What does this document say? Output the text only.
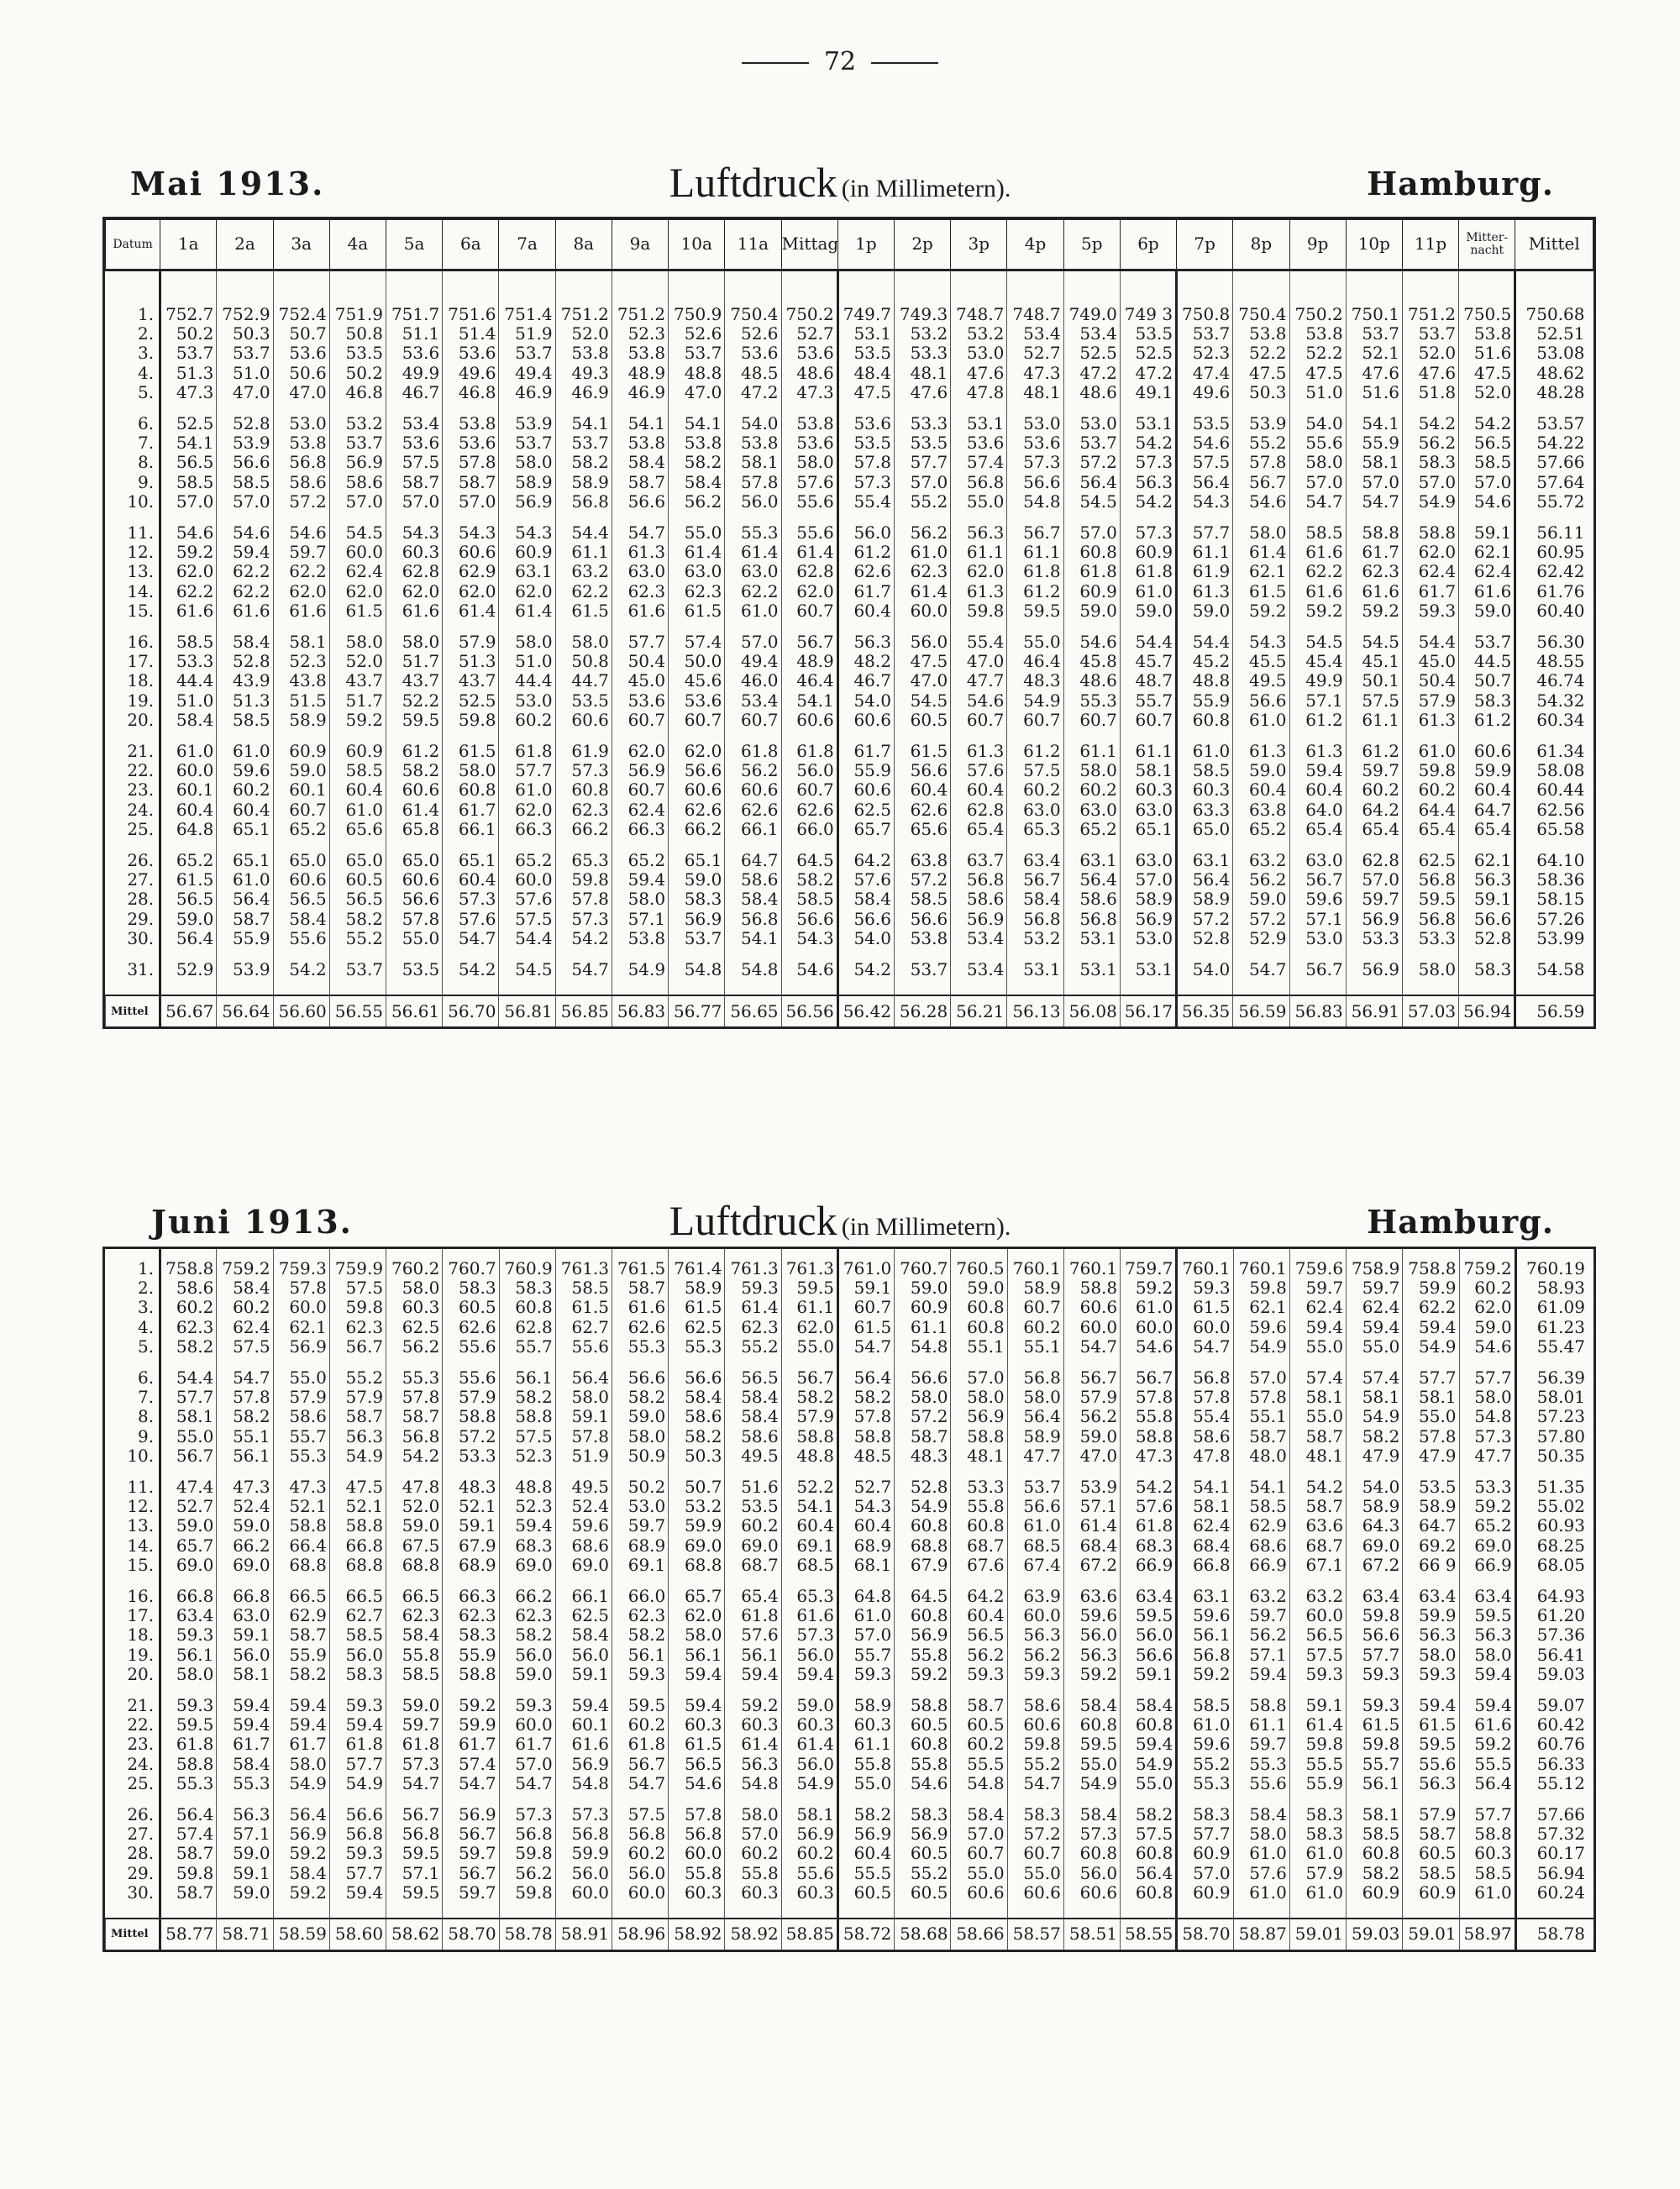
72
Mai 1913.	Luftdruck (in Millimetern).	Hamburg.
Datum	1a	2a	3a	4a	5a	6a	7a	8a	9a	10a	11a	Mittag	1p	2p	3p	4p	5p	6p	7p	8p	9p	10p	11p	Mitter-nacht	Mittel

1.	752.7	752.9	752.4	751.9	751.7	751.6	751.4	751.2	751.2	750.9	750.4	750.2	749.7	749.3	748.7	748.7	749.0	749 3	750.8	750.4	750.2	750.1	751.2	750.5	750.68
2.	50.2	50.3	50.7	50.8	51.1	51.4	51.9	52.0	52.3	52.6	52.6	52.7	53.1	53.2	53.2	53.4	53.4	53.5	53.7	53.8	53.8	53.7	53.7	53.8	52.51
3.	53.7	53.7	53.6	53.5	53.6	53.6	53.7	53.8	53.8	53.7	53.6	53.6	53.5	53.3	53.0	52.7	52.5	52.5	52.3	52.2	52.2	52.1	52.0	51.6	53.08
4.	51.3	51.0	50.6	50.2	49.9	49.6	49.4	49.3	48.9	48.8	48.5	48.6	48.4	48.1	47.6	47.3	47.2	47.2	47.4	47.5	47.5	47.6	47.6	47.5	48.62
5.	47.3	47.0	47.0	46.8	46.7	46.8	46.9	46.9	46.9	47.0	47.2	47.3	47.5	47.6	47.8	48.1	48.6	49.1	49.6	50.3	51.0	51.6	51.8	52.0	48.28

6.	52.5	52.8	53.0	53.2	53.4	53.8	53.9	54.1	54.1	54.1	54.0	53.8	53.6	53.3	53.1	53.0	53.0	53.1	53.5	53.9	54.0	54.1	54.2	54.2	53.57
7.	54.1	53.9	53.8	53.7	53.6	53.6	53.7	53.7	53.8	53.8	53.8	53.6	53.5	53.5	53.6	53.6	53.7	54.2	54.6	55.2	55.6	55.9	56.2	56.5	54.22
8.	56.5	56.6	56.8	56.9	57.5	57.8	58.0	58.2	58.4	58.2	58.1	58.0	57.8	57.7	57.4	57.3	57.2	57.3	57.5	57.8	58.0	58.1	58.3	58.5	57.66
9.	58.5	58.5	58.6	58.6	58.7	58.7	58.9	58.9	58.7	58.4	57.8	57.6	57.3	57.0	56.8	56.6	56.4	56.3	56.4	56.7	57.0	57.0	57.0	57.0	57.64
10.	57.0	57.0	57.2	57.0	57.0	57.0	56.9	56.8	56.6	56.2	56.0	55.6	55.4	55.2	55.0	54.8	54.5	54.2	54.3	54.6	54.7	54.7	54.9	54.6	55.72

11.	54.6	54.6	54.6	54.5	54.3	54.3	54.3	54.4	54.7	55.0	55.3	55.6	56.0	56.2	56.3	56.7	57.0	57.3	57.7	58.0	58.5	58.8	58.8	59.1	56.11
12.	59.2	59.4	59.7	60.0	60.3	60.6	60.9	61.1	61.3	61.4	61.4	61.4	61.2	61.0	61.1	61.1	60.8	60.9	61.1	61.4	61.6	61.7	62.0	62.1	60.95
13.	62.0	62.2	62.2	62.4	62.8	62.9	63.1	63.2	63.0	63.0	63.0	62.8	62.6	62.3	62.0	61.8	61.8	61.8	61.9	62.1	62.2	62.3	62.4	62.4	62.42
14.	62.2	62.2	62.0	62.0	62.0	62.0	62.0	62.2	62.3	62.3	62.2	62.0	61.7	61.4	61.3	61.2	60.9	61.0	61.3	61.5	61.6	61.6	61.7	61.6	61.76
15.	61.6	61.6	61.6	61.5	61.6	61.4	61.4	61.5	61.6	61.5	61.0	60.7	60.4	60.0	59.8	59.5	59.0	59.0	59.0	59.2	59.2	59.2	59.3	59.0	60.40

16.	58.5	58.4	58.1	58.0	58.0	57.9	58.0	58.0	57.7	57.4	57.0	56.7	56.3	56.0	55.4	55.0	54.6	54.4	54.4	54.3	54.5	54.5	54.4	53.7	56.30
17.	53.3	52.8	52.3	52.0	51.7	51.3	51.0	50.8	50.4	50.0	49.4	48.9	48.2	47.5	47.0	46.4	45.8	45.7	45.2	45.5	45.4	45.1	45.0	44.5	48.55
18.	44.4	43.9	43.8	43.7	43.7	43.7	44.4	44.7	45.0	45.6	46.0	46.4	46.7	47.0	47.7	48.3	48.6	48.7	48.8	49.5	49.9	50.1	50.4	50.7	46.74
19.	51.0	51.3	51.5	51.7	52.2	52.5	53.0	53.5	53.6	53.6	53.4	54.1	54.0	54.5	54.6	54.9	55.3	55.7	55.9	56.6	57.1	57.5	57.9	58.3	54.32
20.	58.4	58.5	58.9	59.2	59.5	59.8	60.2	60.6	60.7	60.7	60.7	60.6	60.6	60.5	60.7	60.7	60.7	60.7	60.8	61.0	61.2	61.1	61.3	61.2	60.34

21.	61.0	61.0	60.9	60.9	61.2	61.5	61.8	61.9	62.0	62.0	61.8	61.8	61.7	61.5	61.3	61.2	61.1	61.1	61.0	61.3	61.3	61.2	61.0	60.6	61.34
22.	60.0	59.6	59.0	58.5	58.2	58.0	57.7	57.3	56.9	56.6	56.2	56.0	55.9	56.6	57.6	57.5	58.0	58.1	58.5	59.0	59.4	59.7	59.8	59.9	58.08
23.	60.1	60.2	60.1	60.4	60.6	60.8	61.0	60.8	60.7	60.6	60.6	60.7	60.6	60.4	60.4	60.2	60.2	60.3	60.3	60.4	60.4	60.2	60.2	60.4	60.44
24.	60.4	60.4	60.7	61.0	61.4	61.7	62.0	62.3	62.4	62.6	62.6	62.6	62.5	62.6	62.8	63.0	63.0	63.0	63.3	63.8	64.0	64.2	64.4	64.7	62.56
25.	64.8	65.1	65.2	65.6	65.8	66.1	66.3	66.2	66.3	66.2	66.1	66.0	65.7	65.6	65.4	65.3	65.2	65.1	65.0	65.2	65.4	65.4	65.4	65.4	65.58

26.	65.2	65.1	65.0	65.0	65.0	65.1	65.2	65.3	65.2	65.1	64.7	64.5	64.2	63.8	63.7	63.4	63.1	63.0	63.1	63.2	63.0	62.8	62.5	62.1	64.10
27.	61.5	61.0	60.6	60.5	60.6	60.4	60.0	59.8	59.4	59.0	58.6	58.2	57.6	57.2	56.8	56.7	56.4	57.0	56.4	56.2	56.7	57.0	56.8	56.3	58.36
28.	56.5	56.4	56.5	56.5	56.6	57.3	57.6	57.8	58.0	58.3	58.4	58.5	58.4	58.5	58.6	58.4	58.6	58.9	58.9	59.0	59.6	59.7	59.5	59.1	58.15
29.	59.0	58.7	58.4	58.2	57.8	57.6	57.5	57.3	57.1	56.9	56.8	56.6	56.6	56.6	56.9	56.8	56.8	56.9	57.2	57.2	57.1	56.9	56.8	56.6	57.26
30.	56.4	55.9	55.6	55.2	55.0	54.7	54.4	54.2	53.8	53.7	54.1	54.3	54.0	53.8	53.4	53.2	53.1	53.0	52.8	52.9	53.0	53.3	53.3	52.8	53.99

31.	52.9	53.9	54.2	53.7	53.5	54.2	54.5	54.7	54.9	54.8	54.8	54.6	54.2	53.7	53.4	53.1	53.1	53.1	54.0	54.7	56.7	56.9	58.0	58.3	54.58

Mittel	56.67	56.64	56.60	56.55	56.61	56.70	56.81	56.85	56.83	56.77	56.65	56.56	56.42	56.28	56.21	56.13	56.08	56.17	56.35	56.59	56.83	56.91	57.03	56.94	56.59
Juni 1913.	Luftdruck (in Millimetern).	Hamburg.

1.	758.8	759.2	759.3	759.9	760.2	760.7	760.9	761.3	761.5	761.4	761.3	761.3	761.0	760.7	760.5	760.1	760.1	759.7	760.1	760.1	759.6	758.9	758.8	759.2	760.19
2.	58.6	58.4	57.8	57.5	58.0	58.3	58.3	58.5	58.7	58.9	59.3	59.5	59.1	59.0	59.0	58.9	58.8	59.2	59.3	59.8	59.7	59.7	59.9	60.2	58.93
3.	60.2	60.2	60.0	59.8	60.3	60.5	60.8	61.5	61.6	61.5	61.4	61.1	60.7	60.9	60.8	60.7	60.6	61.0	61.5	62.1	62.4	62.4	62.2	62.0	61.09
4.	62.3	62.4	62.1	62.3	62.5	62.6	62.8	62.7	62.6	62.5	62.3	62.0	61.5	61.1	60.8	60.2	60.0	60.0	60.0	59.6	59.4	59.4	59.4	59.0	61.23
5.	58.2	57.5	56.9	56.7	56.2	55.6	55.7	55.6	55.3	55.3	55.2	55.0	54.7	54.8	55.1	55.1	54.7	54.6	54.7	54.9	55.0	55.0	54.9	54.6	55.47

6.	54.4	54.7	55.0	55.2	55.3	55.6	56.1	56.4	56.6	56.6	56.5	56.7	56.4	56.6	57.0	56.8	56.7	56.7	56.8	57.0	57.4	57.4	57.7	57.7	56.39
7.	57.7	57.8	57.9	57.9	57.8	57.9	58.2	58.0	58.2	58.4	58.4	58.2	58.2	58.0	58.0	58.0	57.9	57.8	57.8	57.8	58.1	58.1	58.1	58.0	58.01
8.	58.1	58.2	58.6	58.7	58.7	58.8	58.8	59.1	59.0	58.6	58.4	57.9	57.8	57.2	56.9	56.4	56.2	55.8	55.4	55.1	55.0	54.9	55.0	54.8	57.23
9.	55.0	55.1	55.7	56.3	56.8	57.2	57.5	57.8	58.0	58.2	58.6	58.8	58.8	58.7	58.8	58.9	59.0	58.8	58.6	58.7	58.7	58.2	57.8	57.3	57.80
10.	56.7	56.1	55.3	54.9	54.2	53.3	52.3	51.9	50.9	50.3	49.5	48.8	48.5	48.3	48.1	47.7	47.0	47.3	47.8	48.0	48.1	47.9	47.9	47.7	50.35

11.	47.4	47.3	47.3	47.5	47.8	48.3	48.8	49.5	50.2	50.7	51.6	52.2	52.7	52.8	53.3	53.7	53.9	54.2	54.1	54.1	54.2	54.0	53.5	53.3	51.35
12.	52.7	52.4	52.1	52.1	52.0	52.1	52.3	52.4	53.0	53.2	53.5	54.1	54.3	54.9	55.8	56.6	57.1	57.6	58.1	58.5	58.7	58.9	58.9	59.2	55.02
13.	59.0	59.0	58.8	58.8	59.0	59.1	59.4	59.6	59.7	59.9	60.2	60.4	60.4	60.8	60.8	61.0	61.4	61.8	62.4	62.9	63.6	64.3	64.7	65.2	60.93
14.	65.7	66.2	66.4	66.8	67.5	67.9	68.3	68.6	68.9	69.0	69.0	69.1	68.9	68.8	68.7	68.5	68.4	68.3	68.4	68.6	68.7	69.0	69.2	69.0	68.25
15.	69.0	69.0	68.8	68.8	68.8	68.9	69.0	69.0	69.1	68.8	68.7	68.5	68.1	67.9	67.6	67.4	67.2	66.9	66.8	66.9	67.1	67.2	66 9	66.9	68.05

16.	66.8	66.8	66.5	66.5	66.5	66.3	66.2	66.1	66.0	65.7	65.4	65.3	64.8	64.5	64.2	63.9	63.6	63.4	63.1	63.2	63.2	63.4	63.4	63.4	64.93
17.	63.4	63.0	62.9	62.7	62.3	62.3	62.3	62.5	62.3	62.0	61.8	61.6	61.0	60.8	60.4	60.0	59.6	59.5	59.6	59.7	60.0	59.8	59.9	59.5	61.20
18.	59.3	59.1	58.7	58.5	58.4	58.3	58.2	58.4	58.2	58.0	57.6	57.3	57.0	56.9	56.5	56.3	56.0	56.0	56.1	56.2	56.5	56.6	56.3	56.3	57.36
19.	56.1	56.0	55.9	56.0	55.8	55.9	56.0	56.0	56.1	56.1	56.1	56.0	55.7	55.8	56.2	56.2	56.3	56.6	56.8	57.1	57.5	57.7	58.0	58.0	56.41
20.	58.0	58.1	58.2	58.3	58.5	58.8	59.0	59.1	59.3	59.4	59.4	59.4	59.3	59.2	59.3	59.3	59.2	59.1	59.2	59.4	59.3	59.3	59.3	59.4	59.03

21.	59.3	59.4	59.4	59.3	59.0	59.2	59.3	59.4	59.5	59.4	59.2	59.0	58.9	58.8	58.7	58.6	58.4	58.4	58.5	58.8	59.1	59.3	59.4	59.4	59.07
22.	59.5	59.4	59.4	59.4	59.7	59.9	60.0	60.1	60.2	60.3	60.3	60.3	60.3	60.5	60.5	60.6	60.8	60.8	61.0	61.1	61.4	61.5	61.5	61.6	60.42
23.	61.8	61.7	61.7	61.8	61.8	61.7	61.7	61.6	61.8	61.5	61.4	61.4	61.1	60.8	60.2	59.8	59.5	59.4	59.6	59.7	59.8	59.8	59.5	59.2	60.76
24.	58.8	58.4	58.0	57.7	57.3	57.4	57.0	56.9	56.7	56.5	56.3	56.0	55.8	55.8	55.5	55.2	55.0	54.9	55.2	55.3	55.5	55.7	55.6	55.5	56.33
25.	55.3	55.3	54.9	54.9	54.7	54.7	54.7	54.8	54.7	54.6	54.8	54.9	55.0	54.6	54.8	54.7	54.9	55.0	55.3	55.6	55.9	56.1	56.3	56.4	55.12

26.	56.4	56.3	56.4	56.6	56.7	56.9	57.3	57.3	57.5	57.8	58.0	58.1	58.2	58.3	58.4	58.3	58.4	58.2	58.3	58.4	58.3	58.1	57.9	57.7	57.66
27.	57.4	57.1	56.9	56.8	56.8	56.7	56.8	56.8	56.8	56.8	57.0	56.9	56.9	56.9	57.0	57.2	57.3	57.5	57.7	58.0	58.3	58.5	58.7	58.8	57.32
28.	58.7	59.0	59.2	59.3	59.5	59.7	59.8	59.9	60.2	60.0	60.2	60.2	60.4	60.5	60.7	60.7	60.8	60.8	60.9	61.0	61.0	60.8	60.5	60.3	60.17
29.	59.8	59.1	58.4	57.7	57.1	56.7	56.2	56.0	56.0	55.8	55.8	55.6	55.5	55.2	55.0	55.0	56.0	56.4	57.0	57.6	57.9	58.2	58.5	58.5	56.94
30.	58.7	59.0	59.2	59.4	59.5	59.7	59.8	60.0	60.0	60.3	60.3	60.3	60.5	60.5	60.6	60.6	60.6	60.8	60.9	61.0	61.0	60.9	60.9	61.0	60.24

Mittel	58.77	58.71	58.59	58.60	58.62	58.70	58.78	58.91	58.96	58.92	58.92	58.85	58.72	58.68	58.66	58.57	58.51	58.55	58.70	58.87	59.01	59.03	59.01	58.97	58.78
